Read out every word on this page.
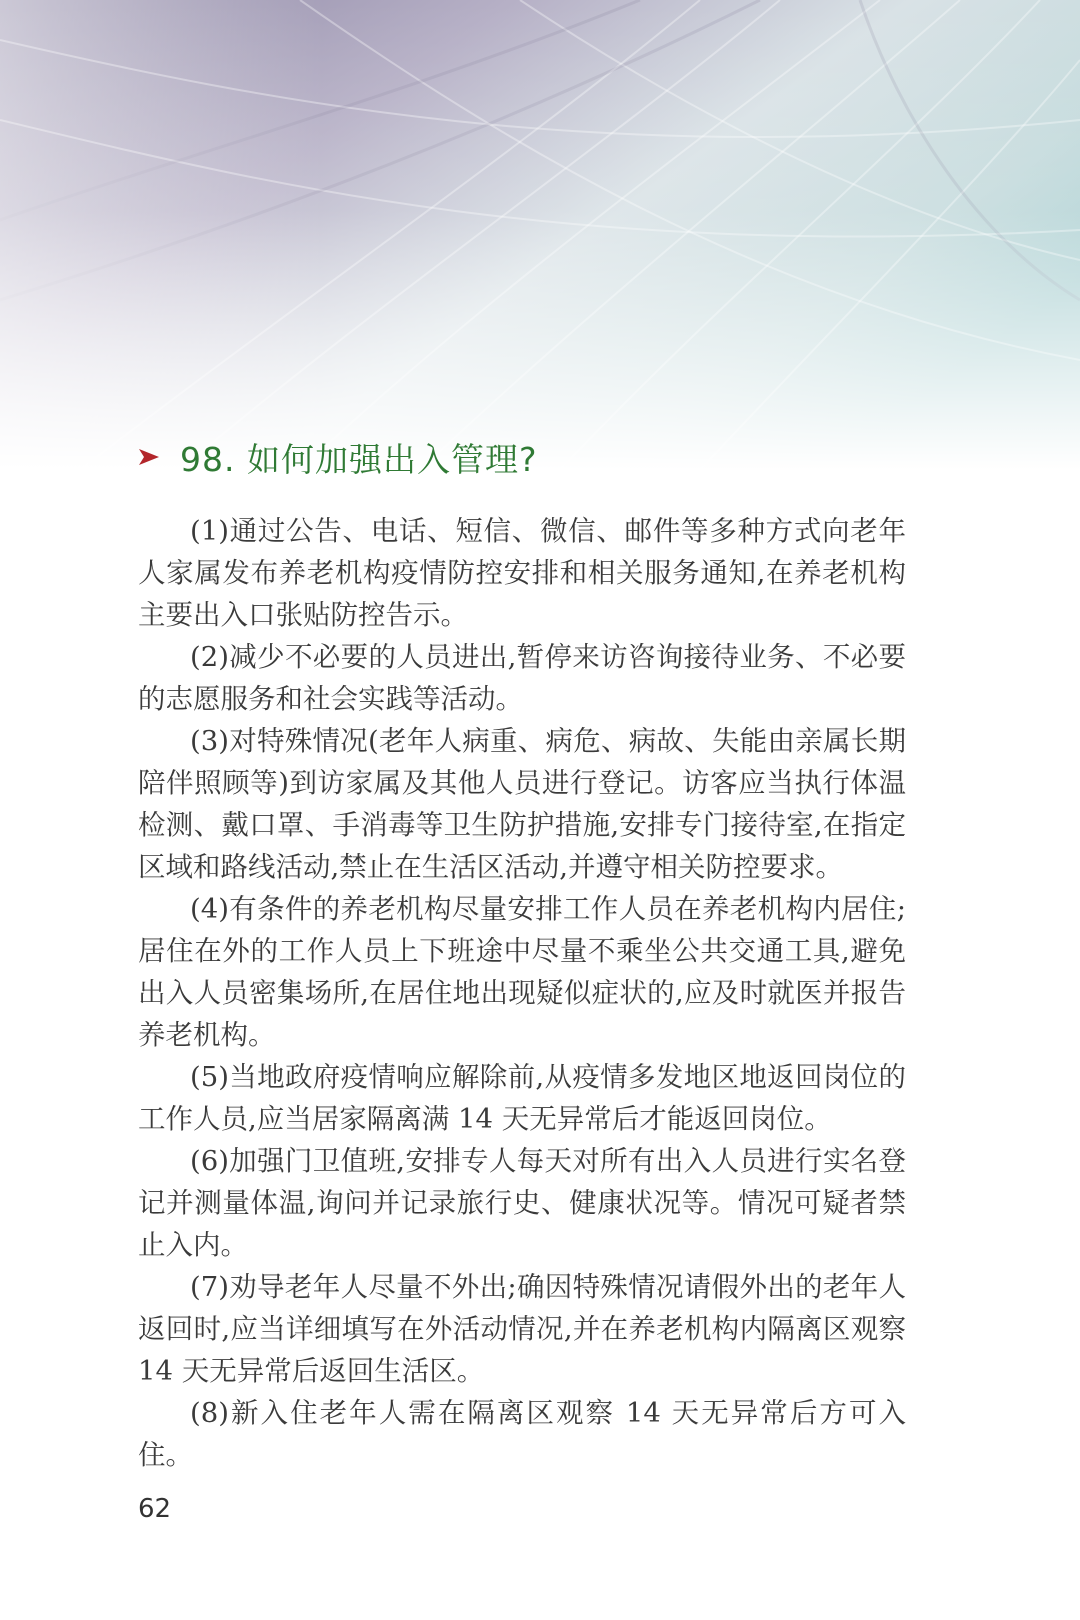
98. 如何加强出入管理?

(1)通过公告、电话、短信、微信、邮件等多种方式向老年人家属发布养老机构疫情防控安排和相关服务通知,在养老机构主要出入口张贴防控告示。

(2)减少不必要的人员进出,暂停来访咨询接待业务、不必要的志愿服务和社会实践等活动。

(3)对特殊情况(老年人病重、病危、病故、失能由亲属长期陪伴照顾等)到访家属及其他人员进行登记。访客应当执行体温检测、戴口罩、手消毒等卫生防护措施,安排专门接待室,在指定区域和路线活动,禁止在生活区活动,并遵守相关防控要求。

(4)有条件的养老机构尽量安排工作人员在养老机构内居住;居住在外的工作人员上下班途中尽量不乘坐公共交通工具,避免出入人员密集场所,在居住地出现疑似症状的,应及时就医并报告养老机构。

(5)当地政府疫情响应解除前,从疫情多发地区地返回岗位的工作人员,应当居家隔离满 14 天无异常后才能返回岗位。

(6)加强门卫值班,安排专人每天对所有出入人员进行实名登记并测量体温,询问并记录旅行史、健康状况等。情况可疑者禁止入内。

(7)劝导老年人尽量不外出;确因特殊情况请假外出的老年人返回时,应当详细填写在外活动情况,并在养老机构内隔离区观察 14 天无异常后返回生活区。

(8)新入住老年人需在隔离区观察 14 天无异常后方可入住。

62
